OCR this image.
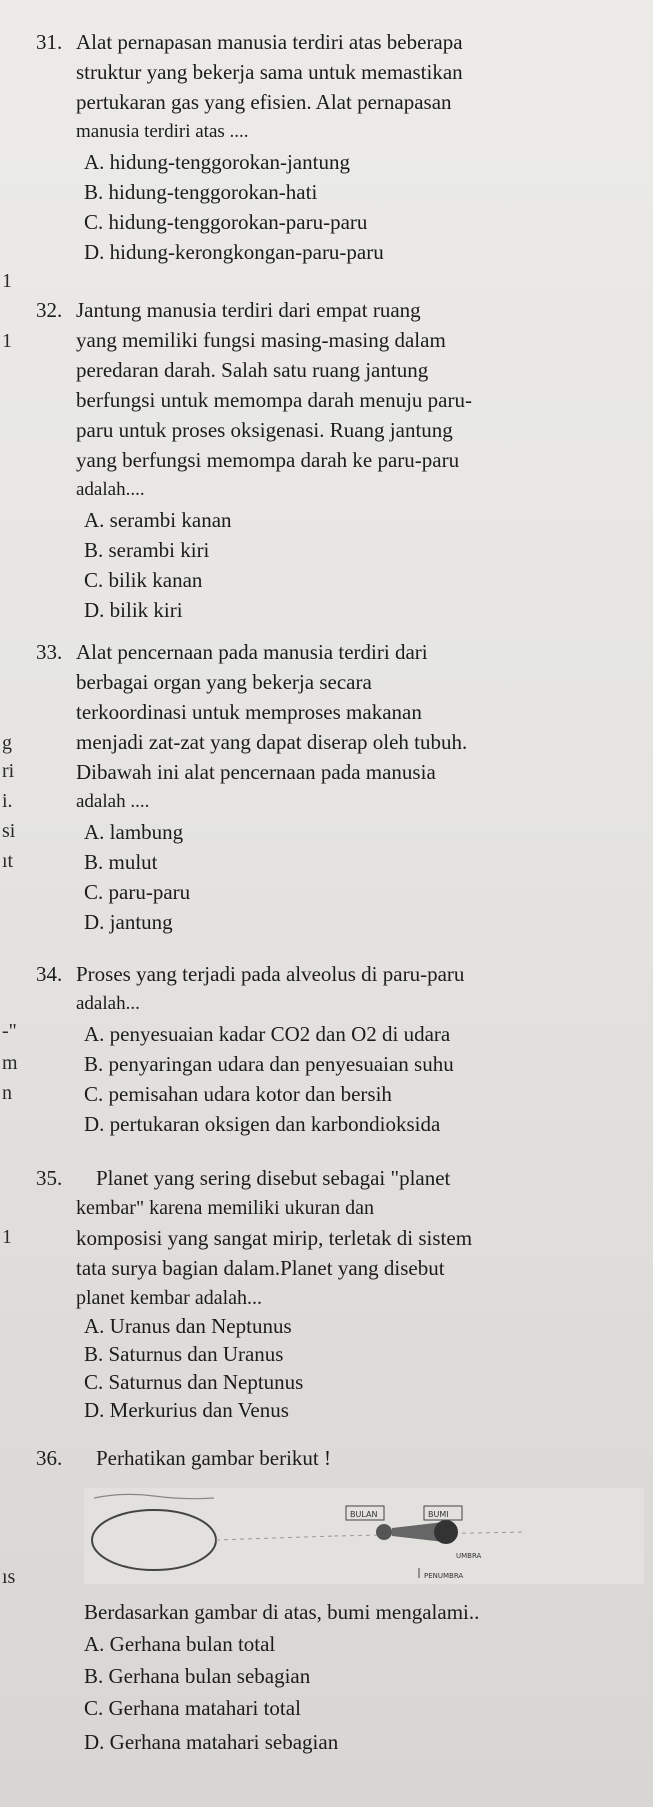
31. Alat pernapasan manusia terdiri atas beberapa
struktur yang bekerja sama untuk memastikan
pertukaran gas yang efisien. Alat pernapasan
manusia terdiri atas ....
A. hidung-tenggorokan-jantung
B. hidung-tenggorokan-hati
C. hidung-tenggorokan-paru-paru
D. hidung-kerongkongan-paru-paru
32. Jantung manusia terdiri dari empat ruang
yang memiliki fungsi masing-masing dalam
peredaran darah. Salah satu ruang jantung
berfungsi untuk memompa darah menuju paru-
paru untuk proses oksigenasi. Ruang jantung
yang berfungsi memompa darah ke paru-paru
adalah....
A. serambi kanan
B. serambi kiri
C. bilik kanan
D. bilik kiri
33. Alat pencernaan pada manusia terdiri dari
berbagai organ yang bekerja secara
terkoordinasi untuk memproses makanan
menjadi zat-zat yang dapat diserap oleh tubuh.
Dibawah ini alat pencernaan pada manusia
adalah ....
A. lambung
B. mulut
C. paru-paru
D. jantung
34. Proses yang terjadi pada alveolus di paru-paru
adalah...
A. penyesuaian kadar CO2 dan O2 di udara
B. penyaringan udara dan penyesuaian suhu
C. pemisahan udara kotor dan bersih
D. pertukaran oksigen dan karbondioksida
35. Planet yang sering disebut sebagai "planet
kembar" karena memiliki ukuran dan
komposisi yang sangat mirip, terletak di sistem
tata surya bagian dalam.Planet yang disebut
planet kembar adalah...
A. Uranus dan Neptunus
B. Saturnus dan Uranus
C. Saturnus dan Neptunus
D. Merkurius dan Venus
36. Perhatikan gambar berikut !
BULAN	BUMI
UMBRA
PENUMBRA
Berdasarkan gambar di atas, bumi mengalami..
A. Gerhana bulan total
B. Gerhana bulan sebagian
C. Gerhana matahari total
D. Gerhana matahari sebagian
1
1
g
ri
i.
si
ıt
-"
m
n
1
ıs
